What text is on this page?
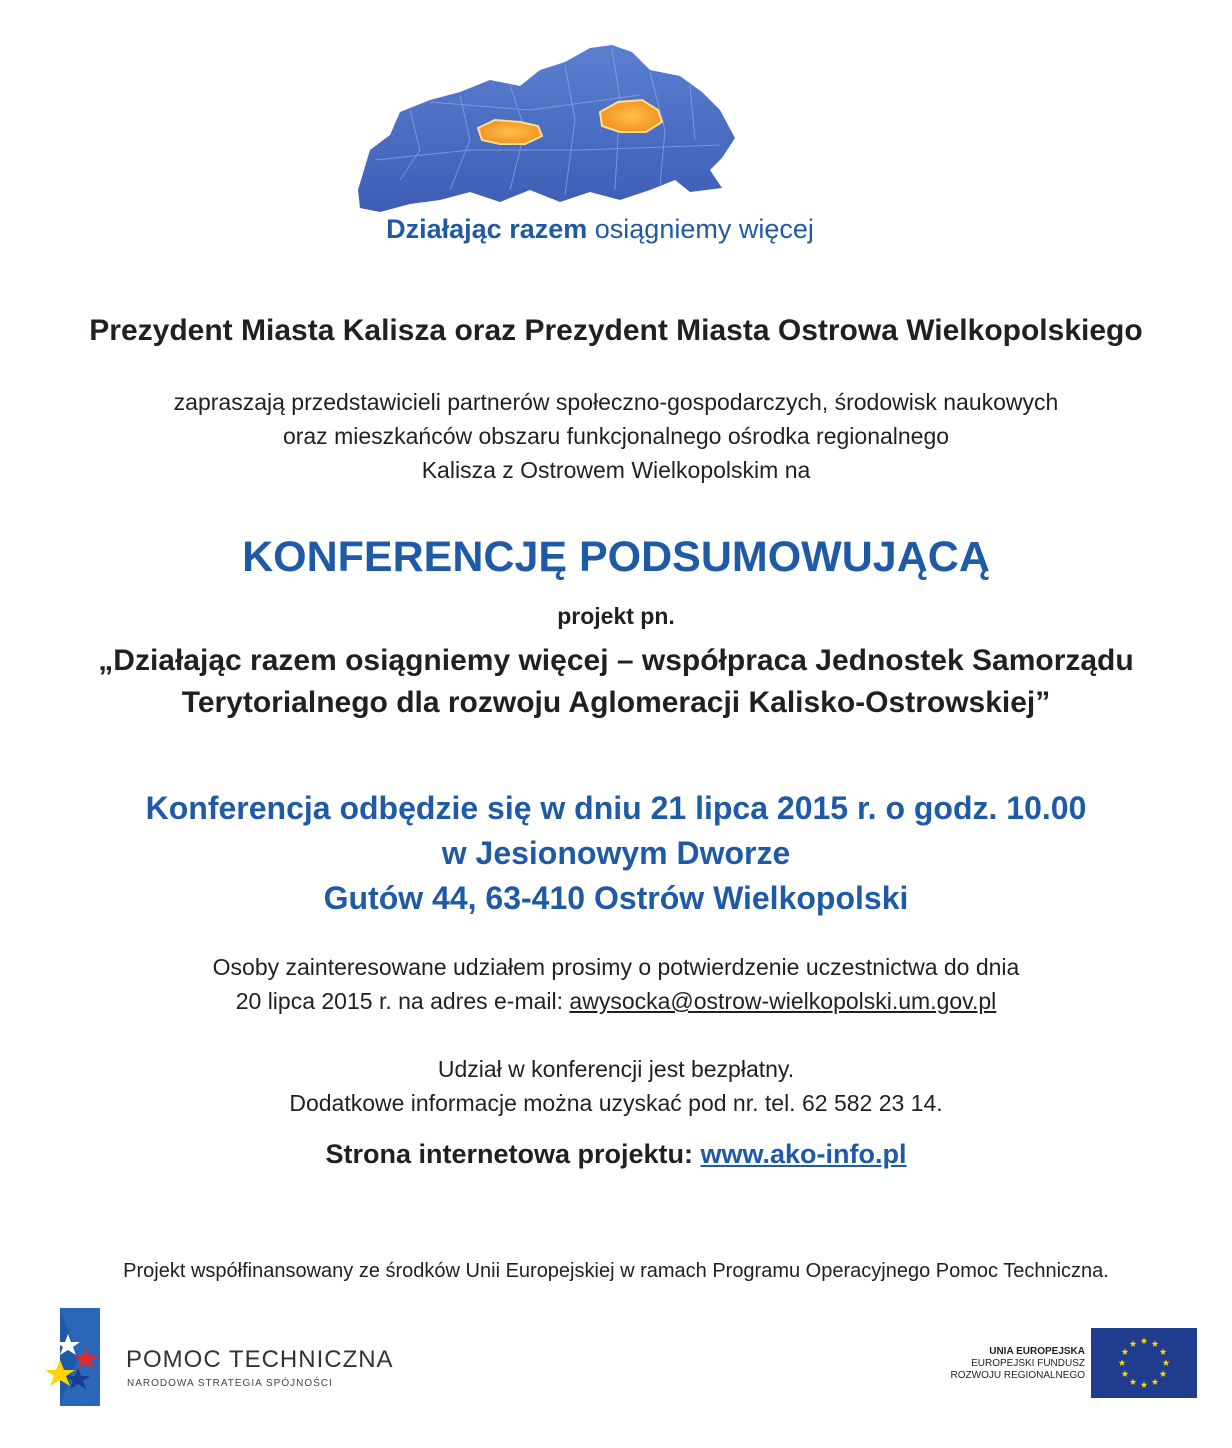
Działając razem osiągniemy więcej
Prezydent Miasta Kalisza oraz Prezydent Miasta Ostrowa Wielkopolskiego
zapraszają przedstawicieli partnerów społeczno-gospodarczych, środowisk naukowych
oraz mieszkańców obszaru funkcjonalnego ośrodka regionalnego
Kalisza z Ostrowem Wielkopolskim na
KONFERENCJĘ PODSUMOWUJĄCĄ
projekt pn.
„Działając razem osiągniemy więcej – współpraca Jednostek Samorządu
Terytorialnego dla rozwoju Aglomeracji Kalisko-Ostrowskiej”
Konferencja odbędzie się w dniu 21 lipca 2015 r. o godz. 10.00
w Jesionowym Dworze
Gutów 44, 63-410 Ostrów Wielkopolski
Osoby zainteresowane udziałem prosimy o potwierdzenie uczestnictwa do dnia
20 lipca 2015 r. na adres e-mail: awysocka@ostrow-wielkopolski.um.gov.pl
Udział w konferencji jest bezpłatny.
Dodatkowe informacje można uzyskać pod nr. tel. 62 582 23 14.
Strona internetowa projektu: www.ako-info.pl
Projekt współfinansowany ze środków Unii Europejskiej w ramach Programu Operacyjnego Pomoc Techniczna.
POMOC TECHNICZNA
NARODOWA STRATEGIA SPÓJNOŚCI
UNIA EUROPEJSKA
EUROPEJSKI FUNDUSZ
ROZWOJU REGIONALNEGO
